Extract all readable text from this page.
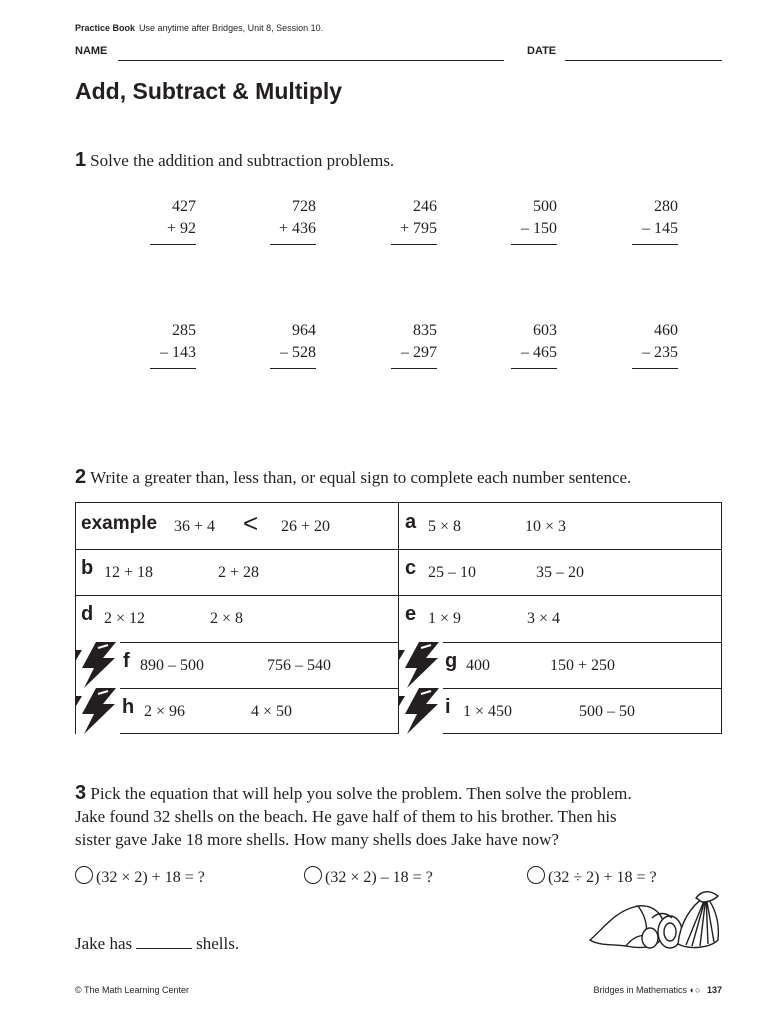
Practice Book Use anytime after Bridges, Unit 8, Session 10.
NAME	DATE
Add, Subtract & Multiply
1 Solve the addition and subtraction problems.
427
+ 92
728
+ 436
246
+ 795
500
– 150
280
– 145
285
– 143
964
– 528
835
– 297
603
– 465
460
– 235
2 Write a greater than, less than, or equal sign to complete each number sentence.
example 36 + 4 < 26 + 20	a 5 × 8	10 × 3
b 12 + 18	2 + 28	c 25 – 10	35 – 20
d 2 × 12	2 × 8	e 1 × 9	3 × 4
f 890 – 500	756 – 540	g 400	150 + 250
h 2 × 96	4 × 50	i 1 × 450	500 – 50
3 Pick the equation that will help you solve the problem. Then solve the problem.
Jake found 32 shells on the beach. He gave half of them to his brother. Then his
sister gave Jake 18 more shells. How many shells does Jake have now?
(32 × 2) + 18 = ?	(32 × 2) – 18 = ?	(32 ÷ 2) + 18 = ?
Jake has	shells.
© The Math Learning Center	Bridges in Mathematics ◐○ 137
